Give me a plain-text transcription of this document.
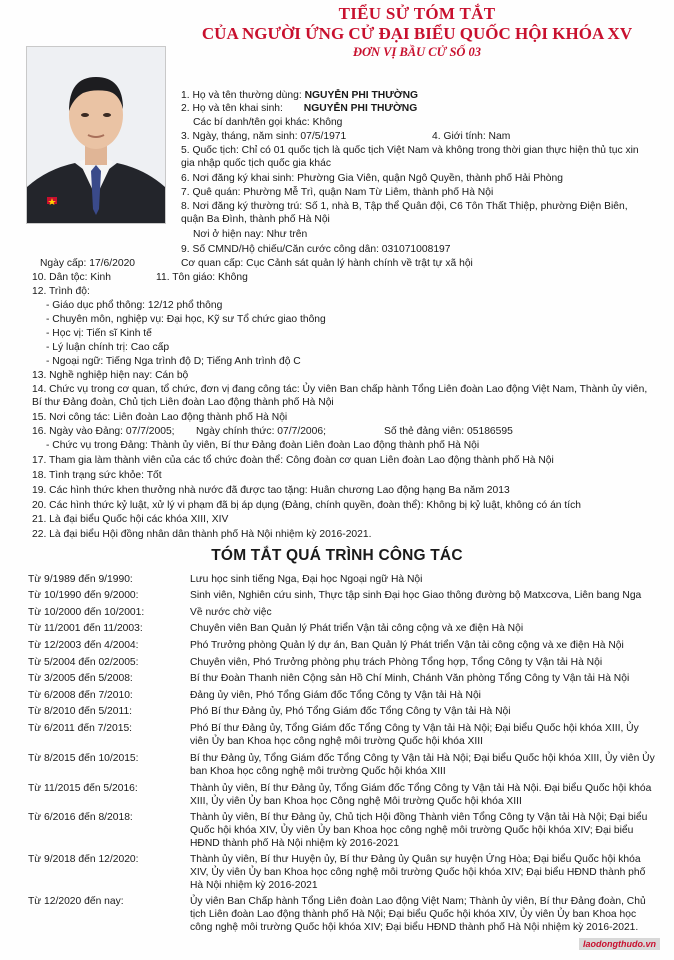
TIỂU SỬ TÓM TẮT
CỦA NGƯỜI ỨNG CỬ ĐẠI BIỂU QUỐC HỘI KHÓA XV
ĐƠN VỊ BẦU CỬ SỐ 03
1. Họ và tên thường dùng: NGUYỄN PHI THƯỜNG
2. Họ và tên khai sinh: NGUYỄN PHI THƯỜNG
Các bí danh/tên gọi khác: Không
3. Ngày, tháng, năm sinh: 07/5/1971	4. Giới tính: Nam
5. Quốc tịch: Chỉ có 01 quốc tịch là quốc tịch Việt Nam và không trong thời gian thực hiện thủ tục xin gia nhập quốc tịch quốc gia khác
6. Nơi đăng ký khai sinh: Phường Gia Viên, quận Ngô Quyền, thành phố Hải Phòng
7. Quê quán: Phường Mễ Trì, quận Nam Từ Liêm, thành phố Hà Nội
8. Nơi đăng ký thường trú: Số 1, nhà B, Tập thể Quân đội, C6 Tôn Thất Thiệp, phường Điện Biên, quận Ba Đình, thành phố Hà Nội
Nơi ở hiện nay: Như trên
9. Số CMND/Hộ chiếu/Căn cước công dân: 031071008197
Ngày cấp: 17/6/2020	Cơ quan cấp: Cục Cảnh sát quản lý hành chính về trật tự xã hội
10. Dân tộc: Kinh	11. Tôn giáo: Không
12. Trình độ:
- Giáo dục phổ thông: 12/12 phổ thông
- Chuyên môn, nghiệp vụ: Đại học, Kỹ sư Tổ chức giao thông
- Học vị: Tiến sĩ Kinh tế
- Lý luận chính trị: Cao cấp
- Ngoại ngữ: Tiếng Nga trình độ D; Tiếng Anh trình độ C
13. Nghề nghiệp hiện nay: Cán bộ
14. Chức vụ trong cơ quan, tổ chức, đơn vị đang công tác: Ủy viên Ban chấp hành Tổng Liên đoàn Lao động Việt Nam, Thành ủy viên, Bí thư Đảng đoàn, Chủ tịch Liên đoàn Lao động thành phố Hà Nội
15. Nơi công tác: Liên đoàn Lao động thành phố Hà Nội
16. Ngày vào Đảng: 07/7/2005; Ngày chính thức: 07/7/2006;	Số thẻ đảng viên: 05186595
- Chức vụ trong Đảng: Thành ủy viên, Bí thư Đảng đoàn Liên đoàn Lao động thành phố Hà Nội
17. Tham gia làm thành viên của các tổ chức đoàn thể: Công đoàn cơ quan Liên đoàn Lao động thành phố Hà Nội
18. Tình trạng sức khỏe: Tốt
19. Các hình thức khen thưởng nhà nước đã được tao tặng: Huân chương Lao động hạng Ba năm 2013
20. Các hình thức kỷ luật, xử lý vi phạm đã bị áp dụng (Đảng, chính quyền, đoàn thể): Không bị kỷ luật, không có án tích
21. Là đại biểu Quốc hội các khóa XIII, XIV
22. Là đại biểu Hội đồng nhân dân thành phố Hà Nội nhiệm kỳ 2016-2021.
TÓM TẮT QUÁ TRÌNH CÔNG TÁC
Từ 9/1989 đến 9/1990:	Lưu học sinh tiếng Nga, Đại học Ngoại ngữ Hà Nội
Từ 10/1990 đến 9/2000:	Sinh viên, Nghiên cứu sinh, Thực tập sinh Đại học Giao thông đường bộ Matxcơva, Liên bang Nga
Từ 10/2000 đến 10/2001:	Về nước chờ việc
Từ 11/2001 đến 11/2003:	Chuyên viên Ban Quản lý Phát triển Vận tải công cộng và xe điện Hà Nội
Từ 12/2003 đến 4/2004:	Phó Trưởng phòng Quản lý dự án, Ban Quản lý Phát triển Vận tải công cộng và xe điện Hà Nội
Từ 5/2004 đến 02/2005:	Chuyên viên, Phó Trưởng phòng phụ trách Phòng Tổng hợp, Tổng Công ty Vận tải Hà Nội
Từ 3/2005 đến 5/2008:	Bí thư Đoàn Thanh niên Cộng sản Hồ Chí Minh, Chánh Văn phòng Tổng Công ty Vận tải Hà Nội
Từ 6/2008 đến 7/2010:	Đảng ủy viên, Phó Tổng Giám đốc Tổng Công ty Vận tải Hà Nội
Từ 8/2010 đến 5/2011:	Phó Bí thư Đảng ủy, Phó Tổng Giám đốc Tổng Công ty Vận tải Hà Nội
Từ 6/2011 đến 7/2015:	Phó Bí thư Đảng ủy, Tổng Giám đốc Tổng Công ty Vận tải Hà Nội; Đại biểu Quốc hội khóa XIII, Ủy viên Ủy ban Khoa học công nghệ môi trường Quốc hội khóa XIII
Từ 8/2015 đến 10/2015:	Bí thư Đảng ủy, Tổng Giám đốc Tổng Công ty Vận tải Hà Nội; Đại biểu Quốc hội khóa XIII, Ủy viên Ủy ban Khoa học công nghệ môi trường Quốc hội khóa XIII
Từ 11/2015 đến 5/2016:	Thành ủy viên, Bí thư Đảng ủy, Tổng Giám đốc Tổng Công ty Vận tải Hà Nội. Đại biểu Quốc hội khóa XIII, Ủy viên Ủy ban Khoa học Công nghệ Môi trường Quốc hội khóa XIII
Từ 6/2016 đến 8/2018:	Thành ủy viên, Bí thư Đảng ủy, Chủ tịch Hội đồng Thành viên Tổng Công ty Vận tải Hà Nội; Đại biểu Quốc hội khóa XIV, Ủy viên Ủy ban Khoa học công nghệ môi trường Quốc hội khóa XIV; Đại biểu HĐND thành phố Hà Nội nhiệm kỳ 2016-2021
Từ 9/2018 đến 12/2020:	Thành ủy viên, Bí thư Huyện ủy, Bí thư Đảng ủy Quân sự huyện Ứng Hòa; Đại biểu Quốc hội khóa XIV, Ủy viên Ủy ban Khoa học công nghệ môi trường Quốc hội khóa XIV; Đại biểu HĐND thành phố Hà Nội nhiệm kỳ 2016-2021
Từ 12/2020 đến nay:	Ủy viên Ban Chấp hành Tổng Liên đoàn Lao động Việt Nam; Thành ủy viên, Bí thư Đảng đoàn, Chủ tịch Liên đoàn Lao động thành phố Hà Nội; Đại biểu Quốc hội khóa XIV, Ủy viên Ủy ban Khoa học công nghệ môi trường Quốc hội khóa XIV; Đại biểu HĐND thành phố Hà Nội nhiệm kỳ 2016-2021.
laodongthudo.vn
